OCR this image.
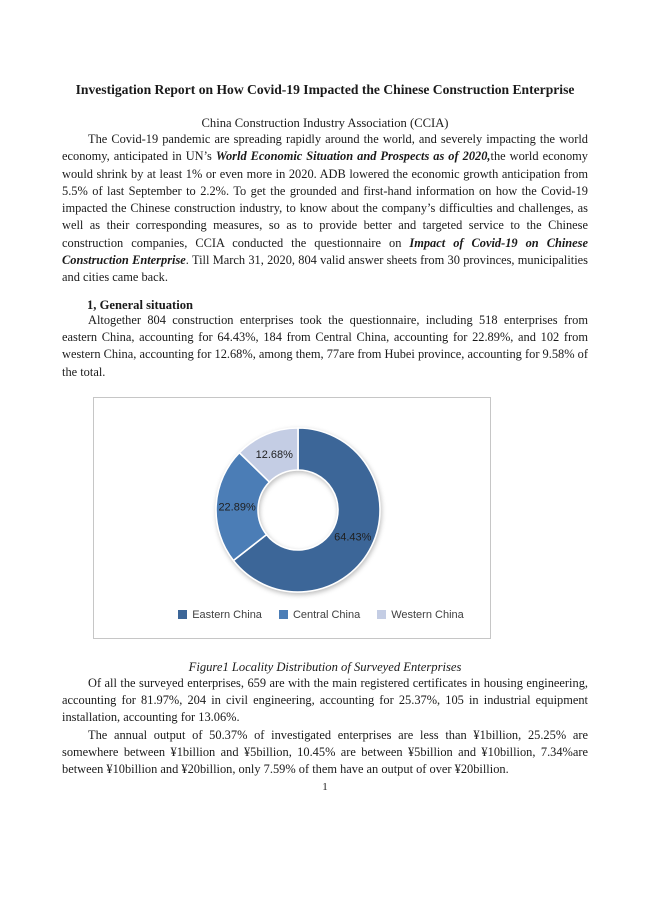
Investigation Report on How Covid-19 Impacted the Chinese Construction Enterprise
China Construction Industry Association (CCIA)

The Covid-19 pandemic are spreading rapidly around the world, and severely impacting the world economy, anticipated in UN’s World Economic Situation and Prospects as of 2020,the world economy would shrink by at least 1% or even more in 2020. ADB lowered the economic growth anticipation from 5.5% of last September to 2.2%. To get the grounded and first-hand information on how the Covid-19 impacted the Chinese construction industry, to know about the company’s difficulties and challenges, as well as their corresponding measures, so as to provide better and targeted service to the Chinese construction companies, CCIA conducted the questionnaire on Impact of Covid-19 on Chinese Construction Enterprise. Till March 31, 2020, 804 valid answer sheets from 30 provinces, municipalities and cities came back.

1, General situation

Altogether 804 construction enterprises took the questionnaire, including 518 enterprises from eastern China, accounting for 64.43%, 184 from Central China, accounting for 22.89%, and 102 from western China, accounting for 12.68%, among them, 77are from Hubei province, accounting for 9.58% of the total.

64.43%
22.89%
12.68%
Eastern China	Central China	Western China
Figure1 Locality Distribution of Surveyed Enterprises

Of all the surveyed enterprises, 659 are with the main registered certificates in housing engineering, accounting for 81.97%, 204 in civil engineering, accounting for 25.37%, 105 in industrial equipment installation, accounting for 13.06%.

The annual output of 50.37% of investigated enterprises are less than ¥1billion, 25.25% are somewhere between ¥1billion and ¥5billion, 10.45% are between ¥5billion and ¥10billion, 7.34%are between ¥10billion and ¥20billion, only 7.59% of them have an output of over ¥20billion.

1
